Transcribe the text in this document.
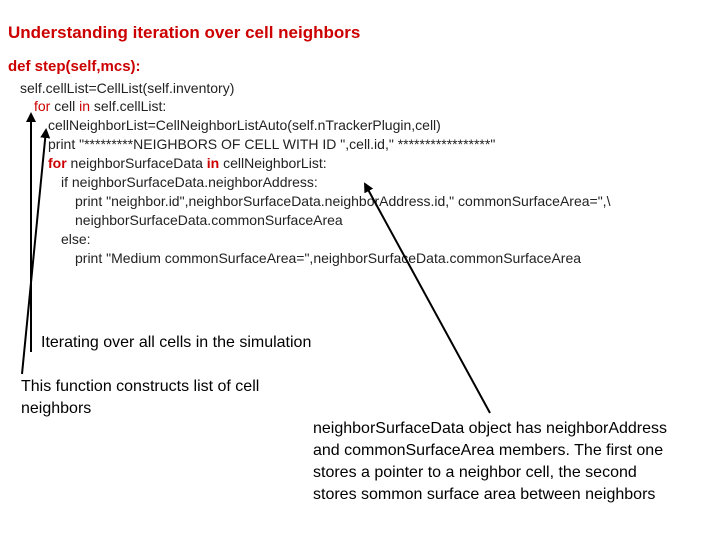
Understanding iteration over cell neighbors
def step(self,mcs):
self.cellList=CellList(self.inventory)
for cell in self.cellList:
cellNeighborList=CellNeighborListAuto(self.nTrackerPlugin,cell)
print "*********NEIGHBORS OF CELL WITH ID ",cell.id," *****************"
for neighborSurfaceData in cellNeighborList:
if neighborSurfaceData.neighborAddress:
print "neighbor.id",neighborSurfaceData.neighborAddress.id," commonSurfaceArea=",\
neighborSurfaceData.commonSurfaceArea
else:
print "Medium commonSurfaceArea=",neighborSurfaceData.commonSurfaceArea
Iterating over all cells in the simulation
This function constructs list of cell neighbors
neighborSurfaceData object has neighborAddress and commonSurfaceArea members. The first one stores a pointer to a neighbor cell, the second stores sommon surface area between neighbors
